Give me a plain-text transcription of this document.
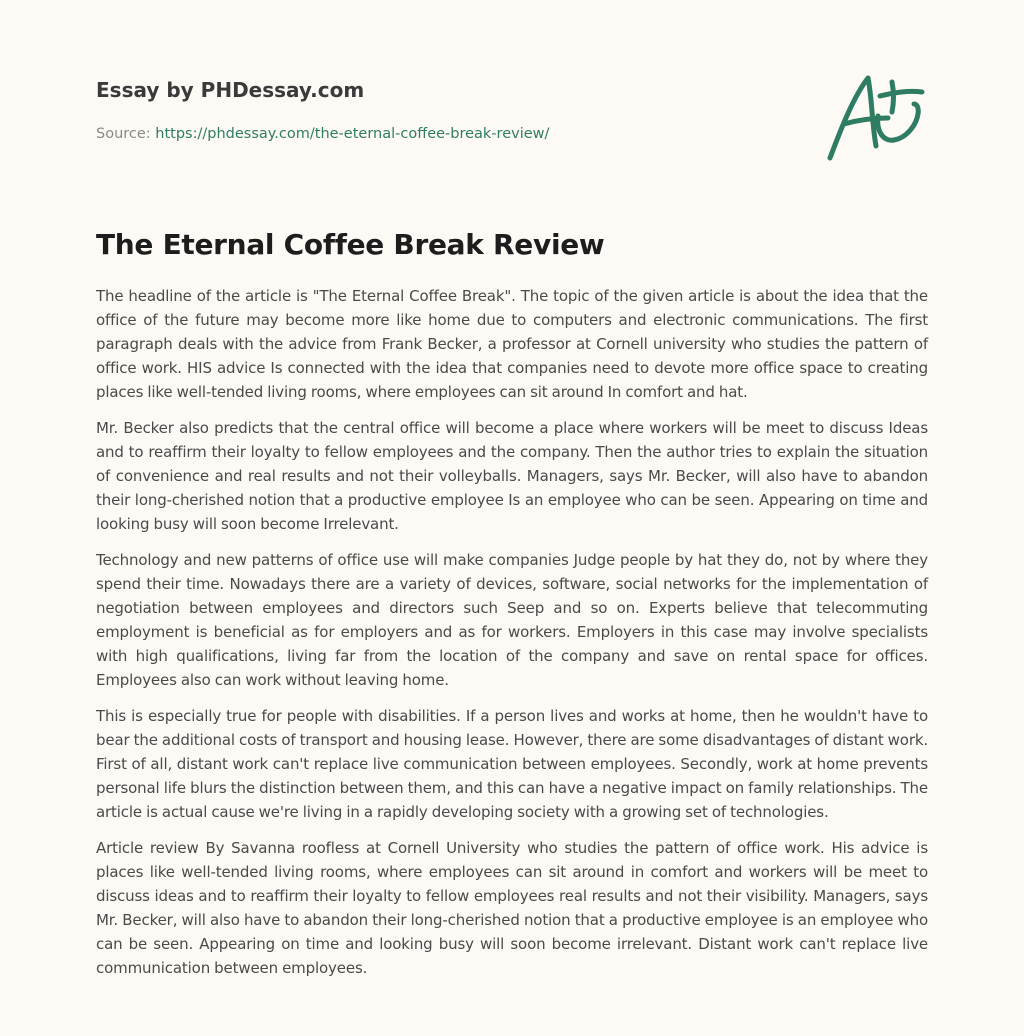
Essay by PHDessay.com
Source: https://phdessay.com/the-eternal-coffee-break-review/
The Eternal Coffee Break Review

The headline of the article is "The Eternal Coffee Break". The topic of the given article is about the idea that the office of the future may become more like home due to computers and electronic communications. The first paragraph deals with the advice from Frank Becker, a professor at Cornell university who studies the pattern of office work. HIS advice Is connected with the idea that companies need to devote more office space to creating places like well-tended living rooms, where employees can sit around In comfort and hat.

Mr. Becker also predicts that the central office will become a place where workers will be meet to discuss Ideas and to reaffirm their loyalty to fellow employees and the company. Then the author tries to explain the situation of convenience and real results and not their volleyballs. Managers, says Mr. Becker, will also have to abandon their long-cherished notion that a productive employee Is an employee who can be seen. Appearing on time and looking busy will soon become Irrelevant.

Technology and new patterns of office use will make companies Judge people by hat they do, not by where they spend their time. Nowadays there are a variety of devices, software, social networks for the implementation of negotiation between employees and directors such Seep and so on. Experts believe that telecommuting employment is beneficial as for employers and as for workers. Employers in this case may involve specialists with high qualifications, living far from the location of the company and save on rental space for offices. Employees also can work without leaving home.

This is especially true for people with disabilities. If a person lives and works at home, then he wouldn't have to bear the additional costs of transport and housing lease. However, there are some disadvantages of distant work. First of all, distant work can't replace live communication between employees. Secondly, work at home prevents personal life blurs the distinction between them, and this can have a negative impact on family relationships. The article is actual cause we're living in a rapidly developing society with a growing set of technologies.

Article review By Savanna roofless at Cornell University who studies the pattern of office work. His advice is places like well-tended living rooms, where employees can sit around in comfort and workers will be meet to discuss ideas and to reaffirm their loyalty to fellow employees real results and not their visibility. Managers, says Mr. Becker, will also have to abandon their long-cherished notion that a productive employee is an employee who can be seen. Appearing on time and looking busy will soon become irrelevant. Distant work can't replace live communication between employees.
